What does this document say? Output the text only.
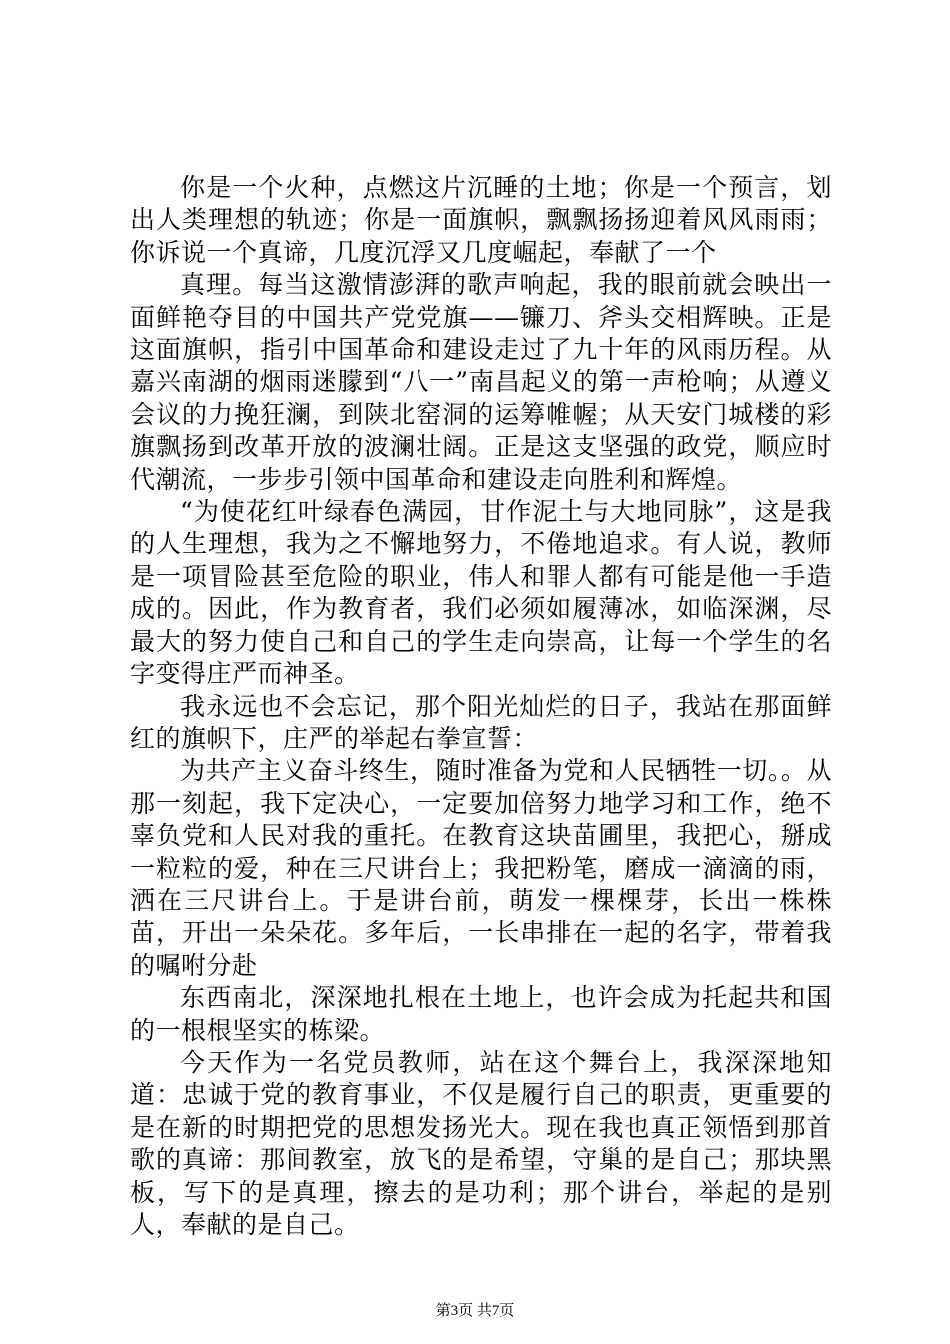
你是一个火种，点燃这片沉睡的土地；你是一个预言，划出人类理想的轨迹；你是一面旗帜，飘飘扬扬迎着风风雨雨；你诉说一个真谛，几度沉浮又几度崛起，奉献了一个

真理。每当这激情澎湃的歌声响起，我的眼前就会映出一面鲜艳夺目的中国共产党党旗——镰刀、斧头交相辉映。正是这面旗帜，指引中国革命和建设走过了九十年的风雨历程。从嘉兴南湖的烟雨迷朦到“八一”南昌起义的第一声枪响；从遵义会议的力挽狂澜，到陕北窑洞的运筹帷幄；从天安门城楼的彩旗飘扬到改革开放的波澜壮阔。正是这支坚强的政党，顺应时代潮流，一步步引领中国革命和建设走向胜利和辉煌。

“为使花红叶绿春色满园，甘作泥土与大地同脉”，这是我的人生理想，我为之不懈地努力，不倦地追求。有人说，教师是一项冒险甚至危险的职业，伟人和罪人都有可能是他一手造成的。因此，作为教育者，我们必须如履薄冰，如临深渊，尽最大的努力使自己和自己的学生走向崇高，让每一个学生的名字变得庄严而神圣。

我永远也不会忘记，那个阳光灿烂的日子，我站在那面鲜红的旗帜下，庄严的举起右拳宣誓：

为共产主义奋斗终生，随时准备为党和人民牺牲一切。。从那一刻起，我下定决心，一定要加倍努力地学习和工作，绝不辜负党和人民对我的重托。在教育这块苗圃里，我把心，掰成一粒粒的爱，种在三尺讲台上；我把粉笔，磨成一滴滴的雨，洒在三尺讲台上。于是讲台前，萌发一棵棵芽，长出一株株苗，开出一朵朵花。多年后，一长串排在一起的名字，带着我的嘱咐分赴

东西南北，深深地扎根在土地上，也许会成为托起共和国的一根根坚实的栋梁。

今天作为一名党员教师，站在这个舞台上，我深深地知道：忠诚于党的教育事业，不仅是履行自己的职责，更重要的是在新的时期把党的思想发扬光大。现在我也真正领悟到那首歌的真谛：那间教室，放飞的是希望，守巢的是自己；那块黑板，写下的是真理，擦去的是功利；那个讲台，举起的是别人，奉献的是自己。

第3页 共7页
